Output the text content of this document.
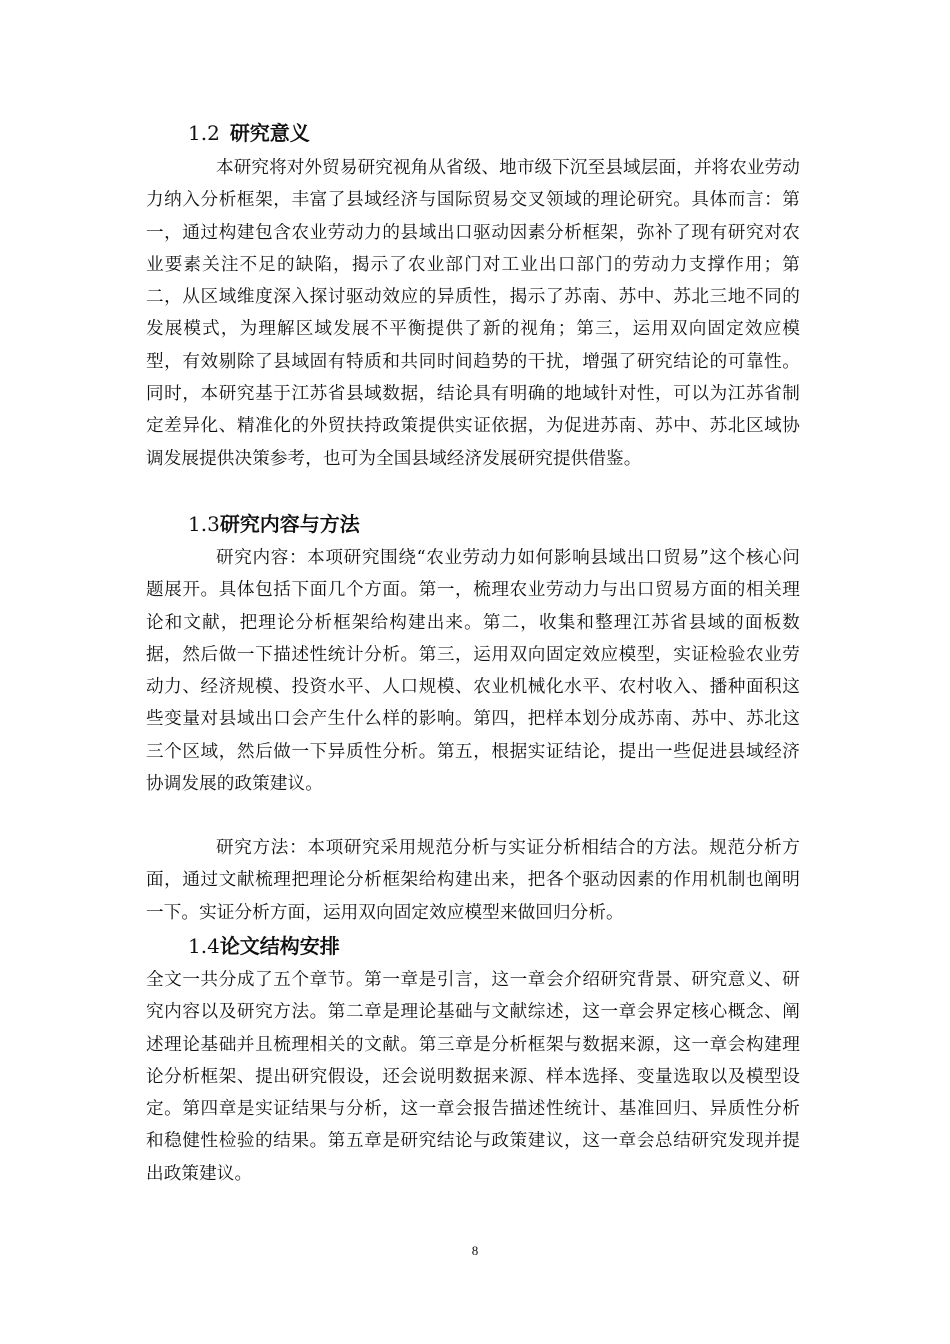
1.2 研究意义

本研究将对外贸易研究视角从省级、地市级下沉至县域层面，并将农业劳动力纳入分析框架，丰富了县域经济与国际贸易交叉领域的理论研究。具体而言：第一，通过构建包含农业劳动力的县域出口驱动因素分析框架，弥补了现有研究对农业要素关注不足的缺陷，揭示了农业部门对工业出口部门的劳动力支撑作用；第二，从区域维度深入探讨驱动效应的异质性，揭示了苏南、苏中、苏北三地不同的发展模式，为理解区域发展不平衡提供了新的视角；第三，运用双向固定效应模型，有效剔除了县域固有特质和共同时间趋势的干扰，增强了研究结论的可靠性。同时，本研究基于江苏省县域数据，结论具有明确的地域针对性，可以为江苏省制定差异化、精准化的外贸扶持政策提供实证依据，为促进苏南、苏中、苏北区域协调发展提供决策参考，也可为全国县域经济发展研究提供借鉴。

1.3研究内容与方法

研究内容：本项研究围绕“农业劳动力如何影响县域出口贸易”这个核心问题展开。具体包括下面几个方面。第一，梳理农业劳动力与出口贸易方面的相关理论和文献，把理论分析框架给构建出来。第二，收集和整理江苏省县域的面板数据，然后做一下描述性统计分析。第三，运用双向固定效应模型，实证检验农业劳动力、经济规模、投资水平、人口规模、农业机械化水平、农村收入、播种面积这些变量对县域出口会产生什么样的影响。第四，把样本划分成苏南、苏中、苏北这三个区域，然后做一下异质性分析。第五，根据实证结论，提出一些促进县域经济协调发展的政策建议。

研究方法：本项研究采用规范分析与实证分析相结合的方法。规范分析方面，通过文献梳理把理论分析框架给构建出来，把各个驱动因素的作用机制也阐明一下。实证分析方面，运用双向固定效应模型来做回归分析。

1.4论文结构安排

全文一共分成了五个章节。第一章是引言，这一章会介绍研究背景、研究意义、研究内容以及研究方法。第二章是理论基础与文献综述，这一章会界定核心概念、阐述理论基础并且梳理相关的文献。第三章是分析框架与数据来源，这一章会构建理论分析框架、提出研究假设，还会说明数据来源、样本选择、变量选取以及模型设定。第四章是实证结果与分析，这一章会报告描述性统计、基准回归、异质性分析和稳健性检验的结果。第五章是研究结论与政策建议，这一章会总结研究发现并提出政策建议。

8
